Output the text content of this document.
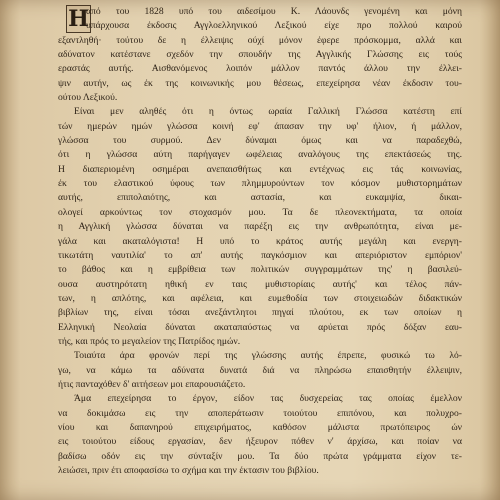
Η
από του 1828 υπό του αιδεσίμου Κ. Λάουνδς γενομένη και μόνη
υπάρχουσα έκδοσις Αγγλοελληνικού Λεξικού είχε προ πολλού καιρού
εξαντληθή· τούτου δε η έλλειψις ούχί μόνον έφερε πρόσκομμα, αλλά και
αδύνατον κατέστανε σχεδόν την σπουδήν της Αγγλικής Γλώσσης εις τούς
εραστάς αυτής. Αισθανόμενος λοιπόν μάλλον παντός άλλου την έλλει-
ψιν αυτήν, ως έκ της κοινωνικής μου θέσεως, επεχείρησα νέαν έκδοσιν του-
ούτου Λεξικού.
Είναι μεν αληθές ότι η όντως ωραία Γαλλική Γλώσσα κατέστη επί
τών ημερών ημών γλώσσα κοινή εφ' άπασαν την υφ' ήλιον, ή μάλλον,
γλώσσα του συρμού. Δεν δύναμαι όμως και να παραδεχθώ,
ότι η γλώσσα αύτη παρήγαγεν ωφέλειας αναλόγους της επεκτάσεώς της.
Η διαπεριομένη οσημέραι ανεπαισθήτως και εντέχνως εις τάς κοινωνίας,
έκ του ελαστικού ύφους των πλημμυρούντων τον κόσμον μυθιστορημάτων
αυτής, επιπολαιότης, και αστασία, και ευκαμψία, δικαι-
ολογεί αρκούντως τον στοχασμόν μου. Τα δε πλεονεκτήματα, τα οποία
η Αγγλική γλώσσα δύναται να παρέξη εις την ανθρωπότητα, είναι με-
γάλα και ακαταλόγιστα! Η υπό το κράτος αυτής μεγάλη και ενεργη-
τικωτάτη ναυτιλία' το απ' αυτής παγκόσμιον και απεριόριστον εμπόριον'
το βάθος και η εμβρίθεια των πολιτικών συγγραμμάτων της' η βασιλεύ-
ουσα αυστηρότατη ηθική εν ταις μυθιστορίαις αυτής' και τέλος πάν-
των, η απλότης, και αφέλεια, και ευμεθοδία των στοιχειωδών διδακτικών
βιβλίων της, είναι τόσαι ανεξάντλητοι πηγαί πλούτου, εκ των οποίων η
Ελληνική Νεολαία δύναται ακαταπαύστως να αρύεται πρός δόξαν εαυ-
τής, και πρός το μεγαλείον της Πατρίδος ημών.
Τοιαύτα άρα φρονών περί της γλώσσης αυτής έπρεπε, φυσικώ τω λό-
γω, να κάμω τα αδύνατα δυνατά διά να πληρώσω επαισθητήν έλλειψιν,
ήτις πανταχόθεν δ' αιτήσεων μοι επαρουσιάζετο.
Άμα επεχείρησα το έργον, είδον τας δυσχερείας τας οποίας έμελλον
να δοκιμάσω εις την αποπεράτωσιν τοιούτου επιπόνου, και πολυχρο-
νίου και δαπανηρού επιχειρήματος, καθόσον μάλιστα πρωτόπειρος ών
εις τοιούτου είδους εργασίαν, δεν ήξευρον πόθεν ν' άρχίσω, και ποίαν να
βαδίσω οδόν εις την σύνταξίν μου. Τα δύο πρώτα γράμματα είχον τε-
λειώσει, πριν έτι αποφασίσω το σχήμα και την έκτασιν του βιβλίου.
